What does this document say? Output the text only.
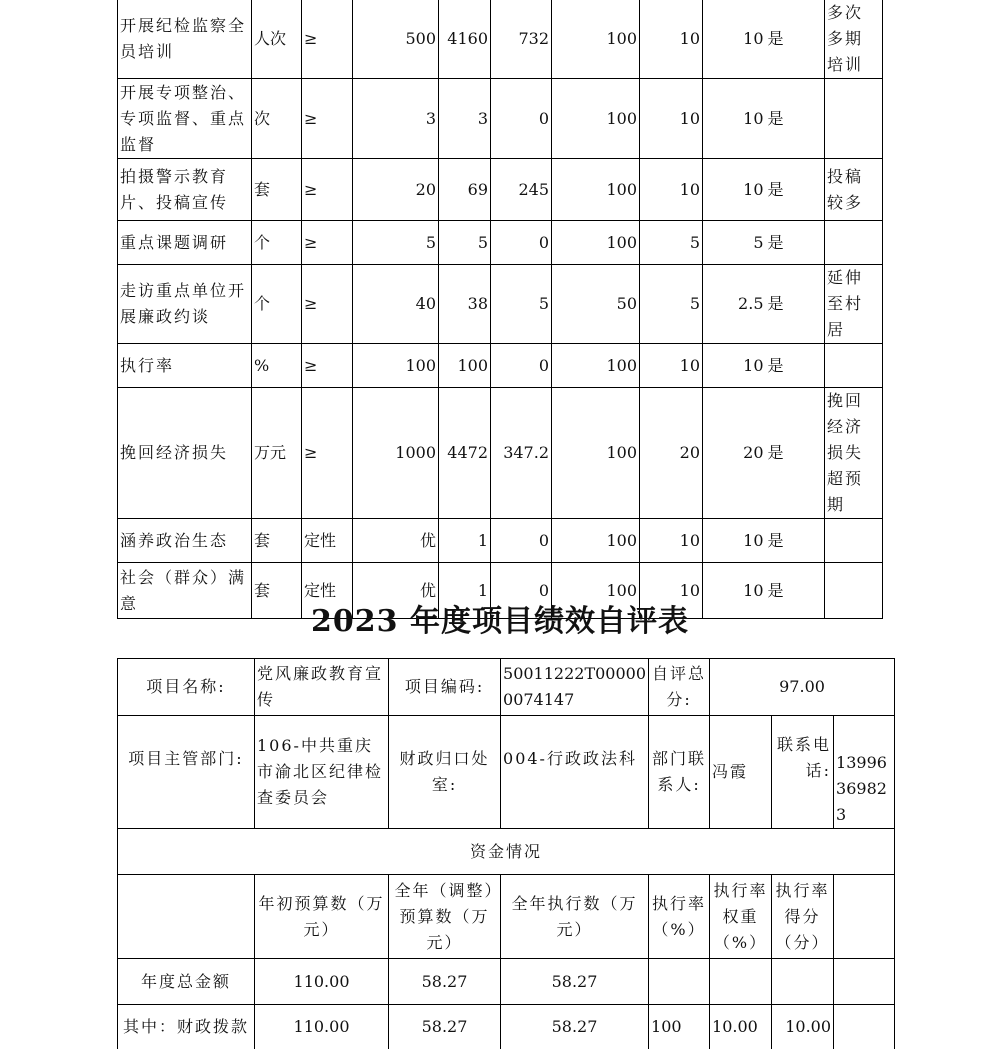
开展纪检监察全员培训	人次	≥	500	4160	732	100	10	10	是	多次多期培训
开展专项整治、专项监督、重点监督	次	≥	3	3	0	100	10	10	是	
拍摄警示教育片、投稿宣传	套	≥	20	69	245	100	10	10	是	投稿较多
重点课题调研	个	≥	5	5	0	100	5	5	是	
走访重点单位开展廉政约谈	个	≥	40	38	5	50	5	2.5	是	延伸至村居
执行率	%	≥	100	100	0	100	10	10	是	
挽回经济损失	万元	≥	1000	4472	347.2	100	20	20	是	挽回经济损失超预期
涵养政治生态	套	定性	优	1	0	100	10	10	是	
社会（群众）满意	套	定性	优	1	0	100	10	10	是	
2023 年度项目绩效自评表
项目名称:	党风廉政教育宣传	项目编码:	50011222T000000074147	自评总分:	97.00		
项目主管部门:	106-中共重庆市渝北区纪律检查委员会	财政归口处室:	004-行政政法科	部门联系人:	冯霞	联系电话:	13996369823
资金情况							
	年初预算数（万元）	全年（调整）预算数（万元）	全年执行数（万元）	执行率（%）	执行率权重（%）	执行率得分（分）	
年度总金额	110.00	58.27	58.27				
其中：财政拨款	110.00	58.27	58.27	100	10.00	10.00	
